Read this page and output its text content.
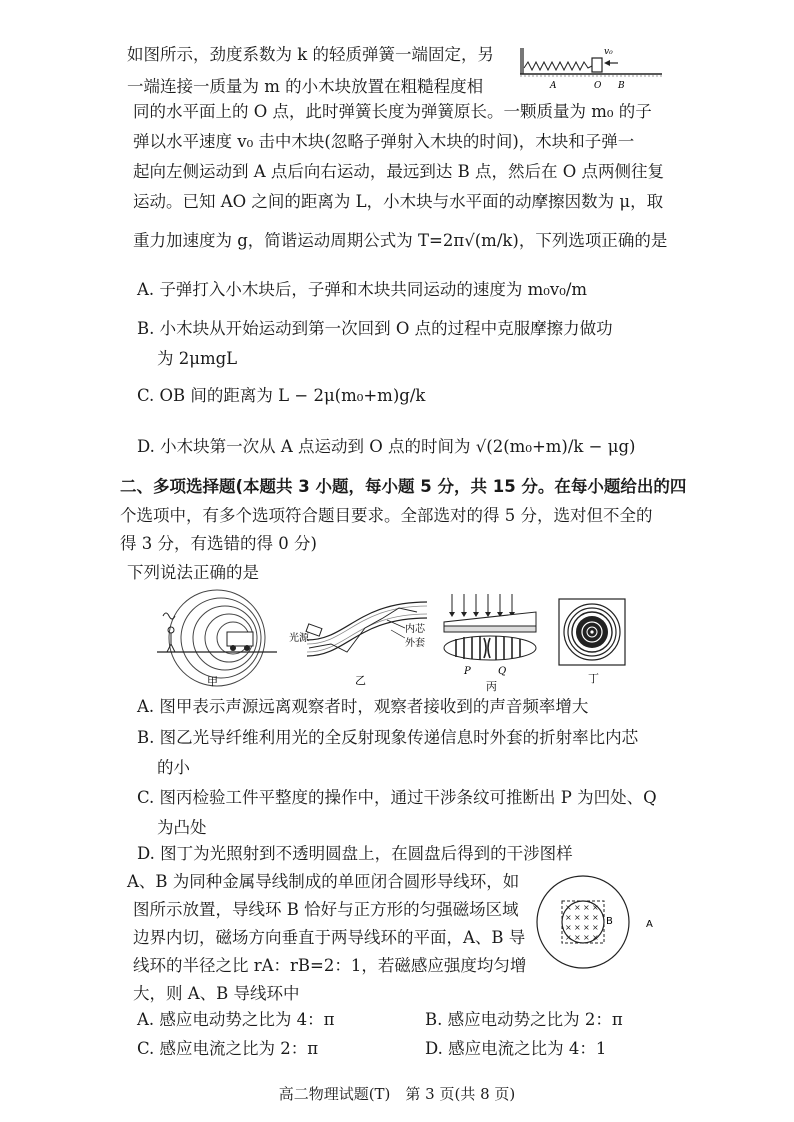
如图所示，劲度系数为 k 的轻质弹簧一端固定，另
一端连接一质量为 m 的小木块放置在粗糙程度相
同的水平面上的 O 点，此时弹簧长度为弹簧原长。一颗质量为 m₀ 的子
弹以水平速度 v₀ 击中木块(忽略子弹射入木块的时间)，木块和子弹一
起向左侧运动到 A 点后向右运动，最远到达 B 点，然后在 O 点两侧往复
运动。已知 AO 之间的距离为 L，小木块与水平面的动摩擦因数为 μ，取
重力加速度为 g，简谐运动周期公式为 T=2π√(m/k)，下列选项正确的是
v₀
A	O B
A. 子弹打入小木块后，子弹和木块共同运动的速度为 m₀v₀/m
B. 小木块从开始运动到第一次回到 O 点的过程中克服摩擦力做功
为 2μmgL
C. OB 间的距离为 L − 2μ(m₀+m)g/k
D. 小木块第一次从 A 点运动到 O 点的时间为 √(2(m₀+m)/k − μg)
二、多项选择题(本题共 3 小题，每小题 5 分，共 15 分。在每小题给出的四
个选项中，有多个选项符合题目要求。全部选对的得 5 分，选对但不全的
得 3 分，有选错的得 0 分)
下列说法正确的是
甲
光源
内芯
外套
乙
P	Q
丙
丁
A. 图甲表示声源远离观察者时，观察者接收到的声音频率增大
B. 图乙光导纤维利用光的全反射现象传递信息时外套的折射率比内芯
的小
C. 图丙检验工件平整度的操作中，通过干涉条纹可推断出 P 为凹处、Q
为凸处
D. 图丁为光照射到不透明圆盘上，在圆盘后得到的干涉图样
A、B 为同种金属导线制成的单匝闭合圆形导线环，如
图所示放置，导线环 B 恰好与正方形的匀强磁场区域
边界内切，磁场方向垂直于两导线环的平面，A、B 导
线环的半径之比 rA：rB=2：1，若磁感应强度均匀增
大，则 A、B 导线环中
× × × ×
× × × ×
× × × ×
× × × ×
B	A
A. 感应电动势之比为 4：π	B. 感应电动势之比为 2：π
C. 感应电流之比为 2：π	D. 感应电流之比为 4：1
高二物理试题(T)　第 3 页(共 8 页)
